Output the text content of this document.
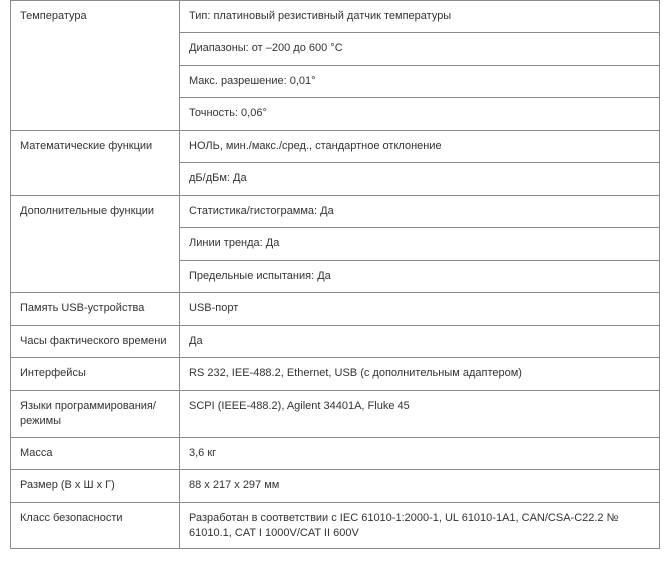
Температура	Тип: платиновый резистивный датчик температуры
	Диапазоны: от –200 до 600 °C
	Макс. разрешение: 0,01°
	Точность: 0,06°
Математические функции	НОЛЬ, мин./макс./сред., стандартное отклонение
	дБ/дБм: Да
Дополнительные функции	Статистика/гистограмма: Да
	Линии тренда: Да
	Предельные испытания: Да
Память USB-устройства	USB-порт
Часы фактического времени	Да
Интерфейсы	RS 232, IEE-488.2, Ethernet, USB (с дополнительным адаптером)
Языки программирования/ режимы	SCPI (IEEE-488.2), Agilent 34401A, Fluke 45
Масса	3,6 кг
Размер (В х Ш х Г)	88 x 217 x 297 мм
Класс безопасности	Разработан в соответствии с IEC 61010-1:2000-1, UL 61010-1A1, CAN/CSA-C22.2 № 61010.1, CAT I 1000V/CAT II 600V
